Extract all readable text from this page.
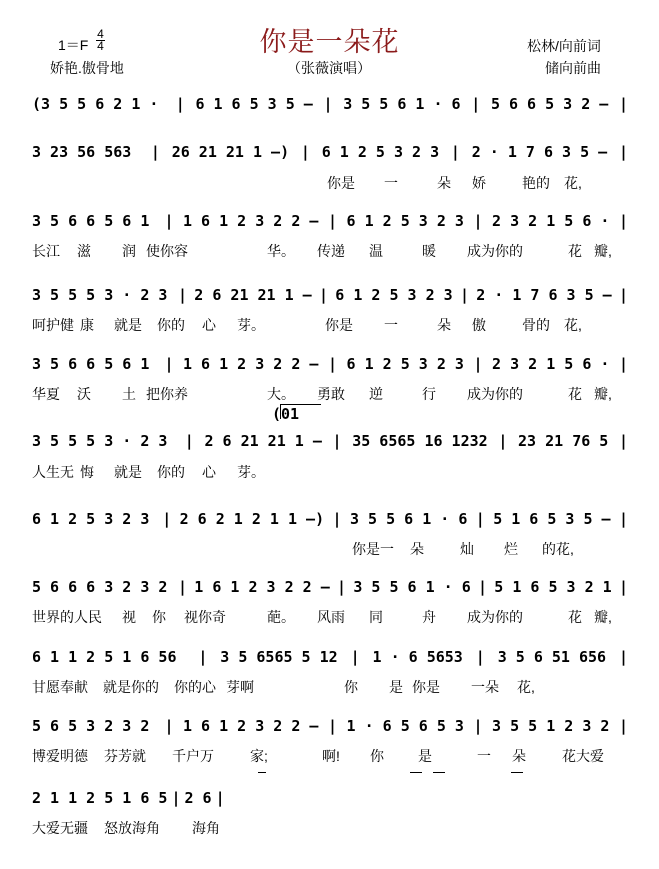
你是一朵花
1＝F
4
4
娇艳.傲骨地	（张薇演唱）
松林/向前词
储向前曲
(3 5 5 6 2 1 ·	| 6 1 6 5 3 5 – | 3 5 5 6 1 · 6 | 5 6 6 5 3 2 – |
3 23 56 563	| 26 21 21 1 –) | 6 1 2 5 3 2 3 | 2 · 1 7 6 3 5 – |
你是 一	朵 娇	艳的 花,
3 5 6 6 5 6 1	| 1 6 1 2 3 2 2 – | 6 1 2 5 3 2 3 | 2 3 2 1 5 6 · |
长江 滋 润 使你容	华。 传递 温	暖 成为你的	花 瓣,
3 5 5 5 3 · 2 3 | 2 6 21 21 1 – | 6 1 2 5 3 2 3 | 2 · 1 7 6 3 5 – |
呵护健 康 就是 你的 心 芽。	你是 一	朵 傲	骨的 花,
3 5 6 6 5 6 1	| 1 6 1 2 3 2 2 – | 6 1 2 5 3 2 3 | 2 3 2 1 5 6 · |
华夏 沃 土 把你养	大。 勇敢 逆	行 成为你的	花 瓣,
3 5 5 5 3 · 2 3	| 2 6 21 21 1 – | 35 6565 16 1232 | 23 21 76 5 |
人生无 悔 就是 你的 心 芽。
6 1 2 5 3 2 3 | 2 6 2 1 2 1 1 –) | 3 5 5 6 1 · 6 | 5 1 6 5 3 5 – |
你是一 朵	灿 烂 的花,
5 6 6 6 3 2 3 2 | 1 6 1 2 3 2 2 – | 3 5 5 6 1 · 6 | 5 1 6 5 3 2 1 |
世界的人民 视 你 视你奇	葩。 风雨 同	舟 成为你的	花 瓣,
6 1 1 2 5 1 6 56	| 3 5 6565 5 12 | 1 · 6 5653 | 3 5 6 51 656 |
甘愿奉献 就是你的 你的心 芽啊	你 是 你是 一朵 花,
5 6 5 3 2 3 2	| 1 6 1 2 3 2 2 – | 1 · 6 5 6 5 3 | 3 5 5 1 2 3 2 |
博爱明德 芬芳就 千户万	家;	啊! 你 是	一 朵	花大爱
2 1 1 2 5 1 6 5 | 2 6 |
大爱无疆 怒放海角 海角
(01
